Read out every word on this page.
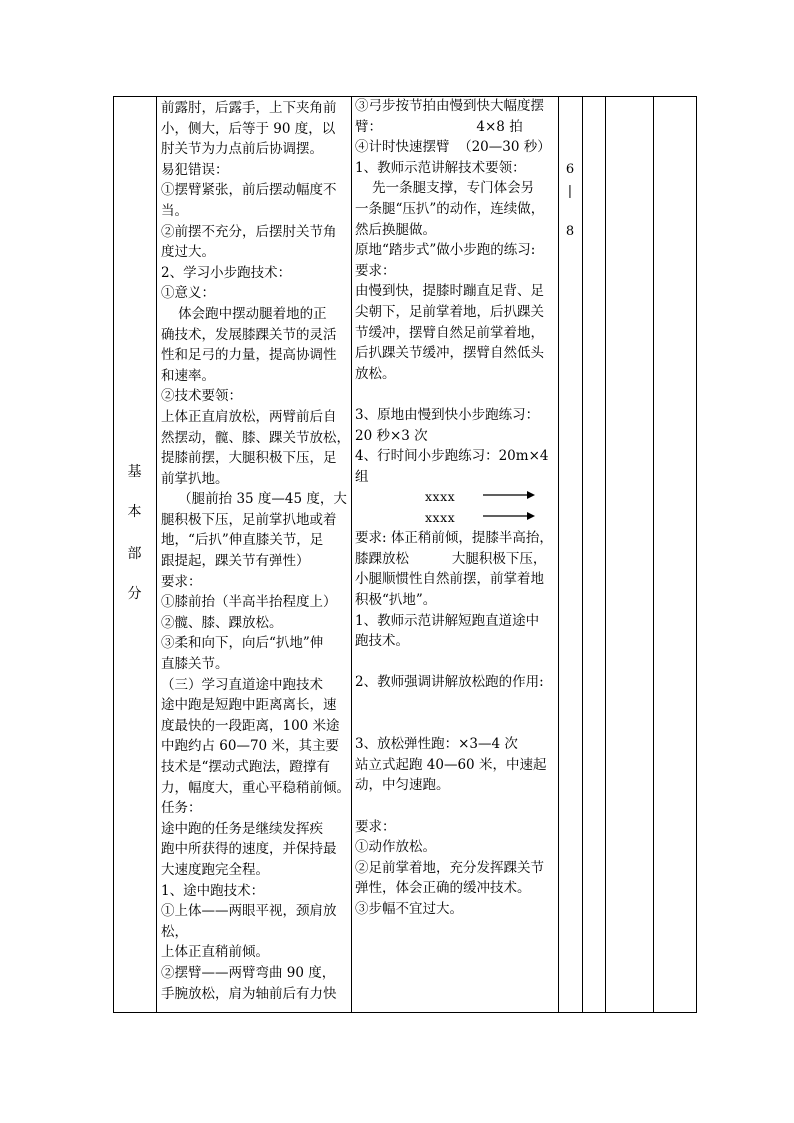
基
本
部
分

前露肘，后露手，上下夹角前

小，侧大，后等于 90 度，以

肘关节为力点前后协调摆。

易犯错误：

①摆臂紧张，前后摆动幅度不

当。

②前摆不充分，后摆肘关节角

度过大。

2、学习小步跑技术：

①意义：

体会跑中摆动腿着地的正

确技术，发展膝踝关节的灵活

性和足弓的力量，提高协调性

和速率。

②技术要领：

上体正直肩放松，两臂前后自

然摆动，髋、膝、踝关节放松，

提膝前摆，大腿积极下压，足

前掌扒地。

（腿前抬 35 度—45 度，大

腿积极下压，足前掌扒地或着

地，“后扒”伸直膝关节，足

跟提起，踝关节有弹性）

要求：

①膝前抬（半高半抬程度上）

②髋、膝、踝放松。

③柔和向下，向后“扒地”伸

直膝关节。

（三）学习直道途中跑技术

途中跑是短跑中距离离长，速

度最快的一段距离，100 米途

中跑约占 60—70 米，其主要

技术是“摆动式跑法，蹬撑有

力，幅度大，重心平稳稍前倾。

任务：

途中跑的任务是继续发挥疾

跑中所获得的速度，并保持最

大速度跑完全程。

1、途中跑技术：

①上体——两眼平视，颈肩放

松，

上体正直稍前倾。

②摆臂——两臂弯曲 90 度，

手腕放松，肩为轴前后有力快

③弓步按节拍由慢到快大幅度摆

臂：                      4×8 拍

④计时快速摆臂  （20—30 秒）

1、教师示范讲解技术要领：

先一条腿支撑，专门体会另

一条腿“压扒”的动作，连续做，

然后换腿做。

原地“踏步式”做小步跑的练习:

要求：

由慢到快，提膝时蹦直足背、足

尖朝下，足前掌着地，后扒踝关

节缓冲，摆臂自然足前掌着地，

后扒踝关节缓冲，摆臂自然低头

放松。

3、原地由慢到快小步跑练习：

20 秒×3 次

4、行时间小步跑练习：20m×4

组

xxxx
xxxx

要求: 体正稍前倾，提膝半高抬，

膝踝放松          大腿积极下压，

小腿顺惯性自然前摆，前掌着地

积极“扒地”。

1、教师示范讲解短跑直道途中

跑技术。

2、教师强调讲解放松跑的作用:

3、放松弹性跑：×3—4 次

站立式起跑 40—60 米，中速起

动，中匀速跑。

要求：

①动作放松。

②足前掌着地，充分发挥踝关节

弹性，体会正确的缓冲技术。

③步幅不宜过大。

6
|
8
